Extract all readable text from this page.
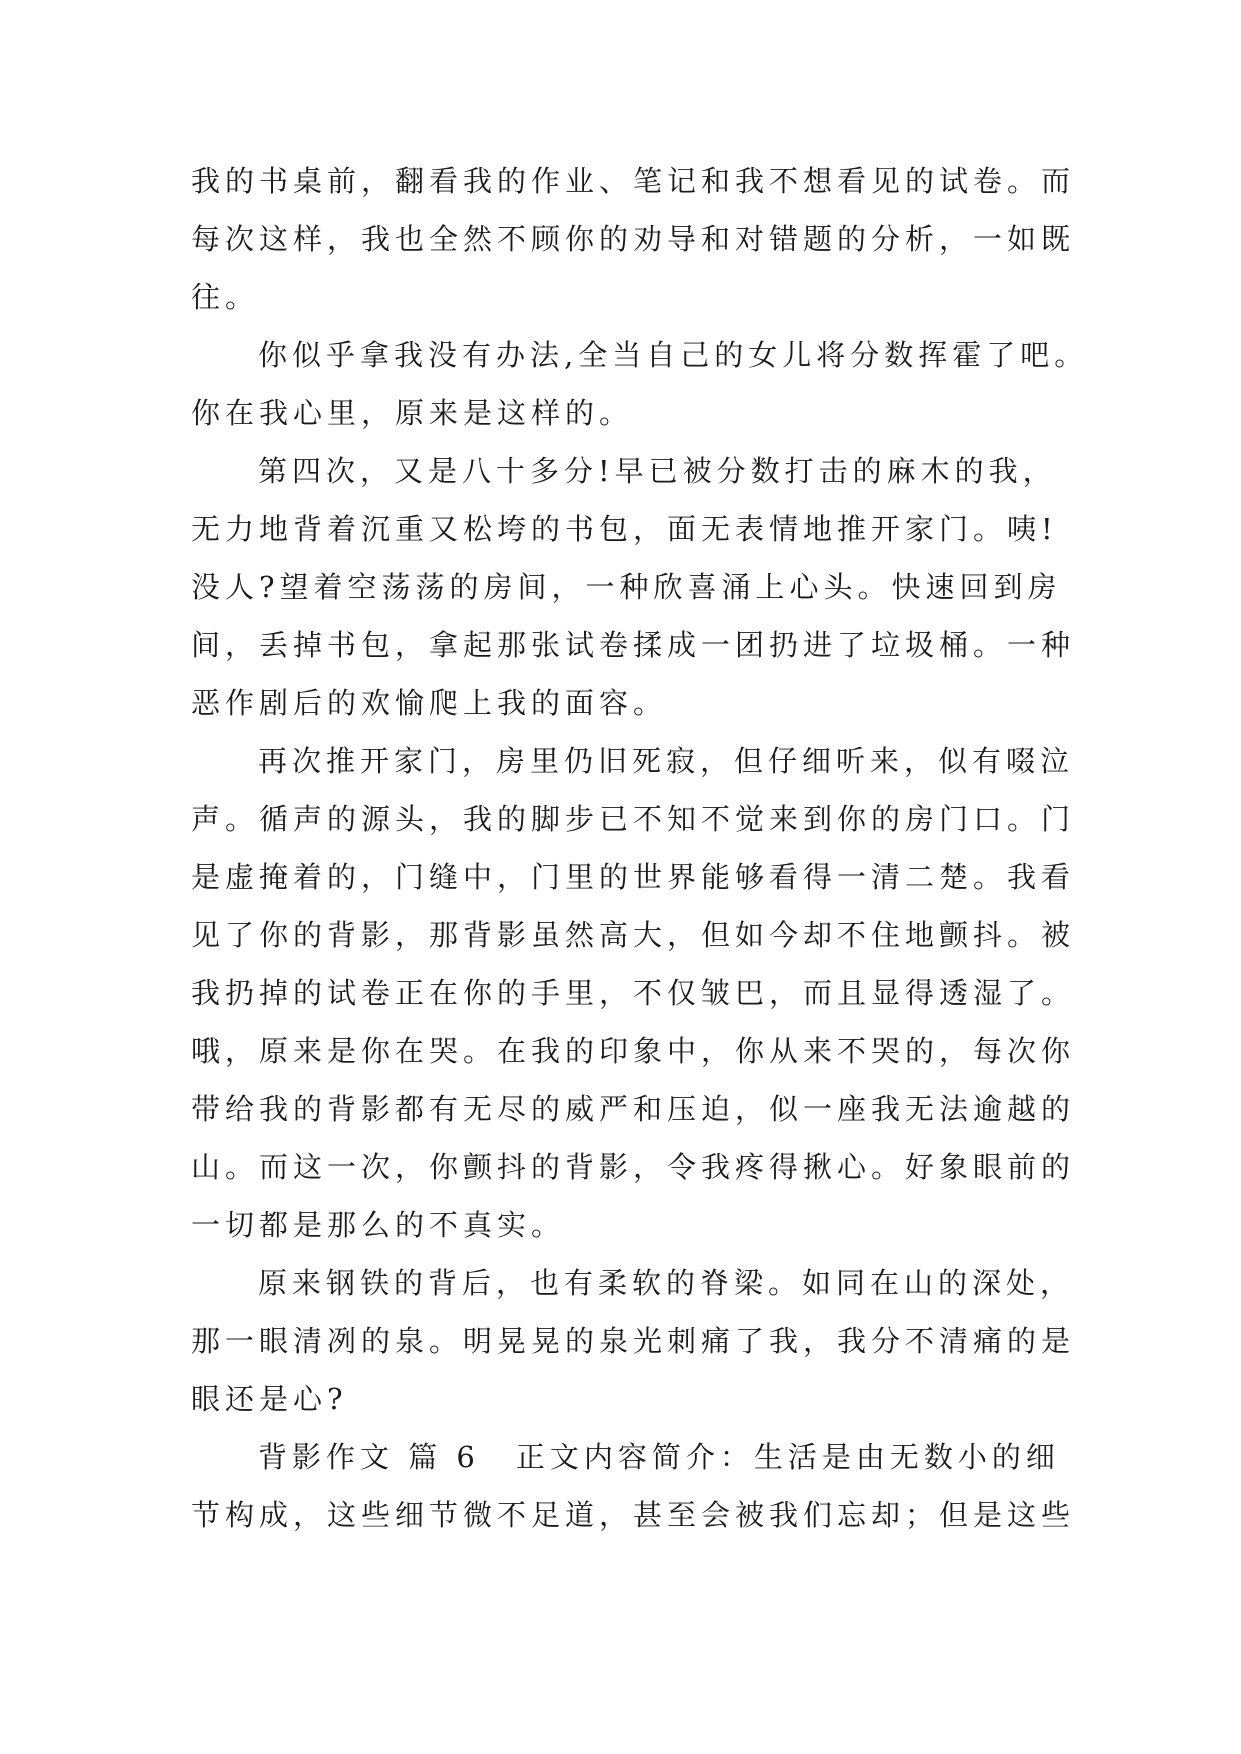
我的书桌前，翻看我的作业、笔记和我不想看见的试卷。而
每次这样，我也全然不顾你的劝导和对错题的分析，一如既
往。
你似乎拿我没有办法,全当自己的女儿将分数挥霍了吧。
你在我心里，原来是这样的。
第四次，又是八十多分!早已被分数打击的麻木的我，
无力地背着沉重又松垮的书包，面无表情地推开家门。咦!
没人?望着空荡荡的房间，一种欣喜涌上心头。快速回到房
间，丢掉书包，拿起那张试卷揉成一团扔进了垃圾桶。一种
恶作剧后的欢愉爬上我的面容。
再次推开家门，房里仍旧死寂，但仔细听来，似有啜泣
声。循声的源头，我的脚步已不知不觉来到你的房门口。门
是虚掩着的，门缝中，门里的世界能够看得一清二楚。我看
见了你的背影，那背影虽然高大，但如今却不住地颤抖。被
我扔掉的试卷正在你的手里，不仅皱巴，而且显得透湿了。
哦，原来是你在哭。在我的印象中，你从来不哭的，每次你
带给我的背影都有无尽的威严和压迫，似一座我无法逾越的
山。而这一次，你颤抖的背影，令我疼得揪心。好象眼前的
一切都是那么的不真实。
原来钢铁的背后，也有柔软的脊梁。如同在山的深处，
那一眼清冽的泉。明晃晃的泉光刺痛了我，我分不清痛的是
眼还是心?
背影作文 篇 6 正文内容简介：生活是由无数小的细
节构成，这些细节微不足道，甚至会被我们忘却；但是这些
